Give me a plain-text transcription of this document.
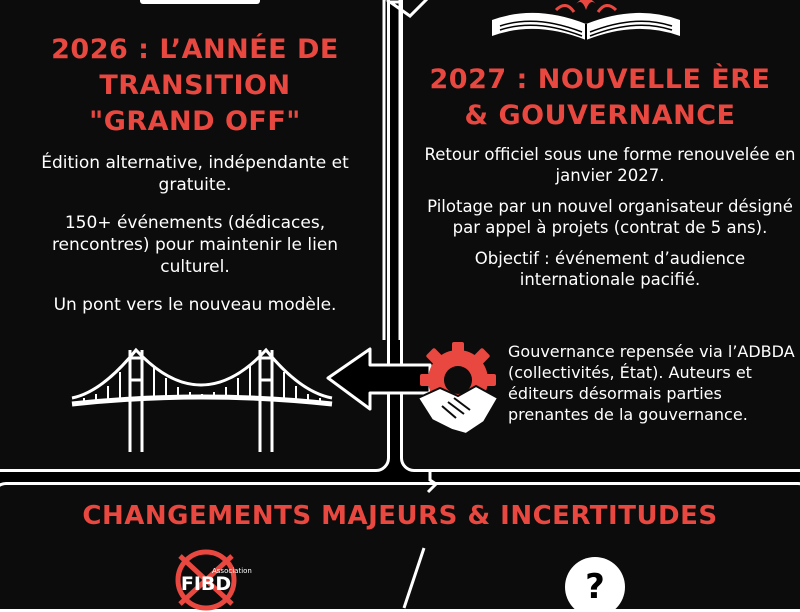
2026 : L’ANNÉE DE
TRANSITION
"GRAND OFF"

Édition alternative, indépendante et gratuite.

150+ événements (dédicaces, rencontres) pour maintenir le lien culturel.

Un pont vers le nouveau modèle.

2027 : NOUVELLE ÈRE
& GOUVERNANCE

Retour officiel sous une forme renouvelée en janvier 2027.

Pilotage par un nouvel organisateur désigné par appel à projets (contrat de 5 ans).

Objectif : événement d’audience internationale pacifié.

Gouvernance repensée via l’ADBDA (collectivités, État). Auteurs et éditeurs désormais parties prenantes de la gouvernance.
CHANGEMENTS MAJEURS & INCERTITUDES
Association
FIBD	?
